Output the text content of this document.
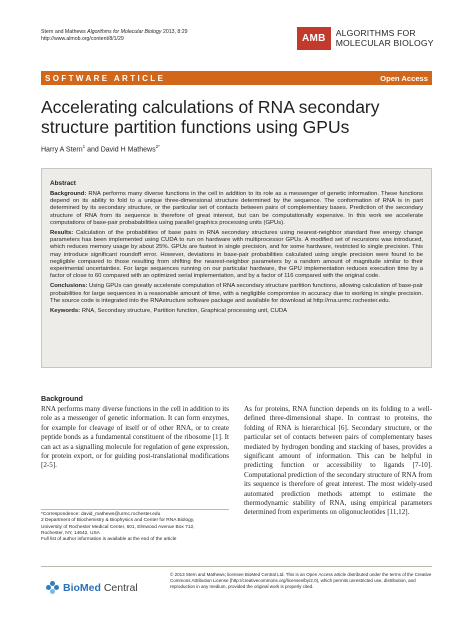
Stern and Mathews Algorithms for Molecular Biology 2013, 8:29
http://www.almob.org/content/8/1/29	AMB
ALGORITHMS FOR
MOLECULAR BIOLOGY
SOFTWARE ARTICLE	Open Access
Accelerating calculations of RNA secondary structure partition functions using GPUs
Harry A Stern$^1$ and David H Mathews$^{2*}$
Abstract

Background: RNA performs many diverse functions in the cell in addition to its role as a messenger of genetic information. These functions depend on its ability to fold to a unique three-dimensional structure determined by the sequence. The conformation of RNA is in part determined by its secondary structure, or the particular set of contacts between pairs of complementary bases. Prediction of the secondary structure of RNA from its sequence is therefore of great interest, but can be computationally expensive. In this work we accelerate computations of base-pair probababilities using parallel graphics processing units (GPUs).

Results: Calculation of the probabilities of base pairs in RNA secondary structures using nearest-neighbor standard free energy change parameters has been implemented using CUDA to run on hardware with multiprocessor GPUs. A modified set of recursions was introduced, which reduces memory usage by about 25%. GPUs are fastest in single precision, and for some hardware, restricted to single precision. This may introduce significant roundoff error. However, deviations in base-pair probabilities calculated using single precision were found to be negligible compared to those resulting from shifting the nearest-neighbor parameters by a random amount of magnitude similar to their experimental uncertainties. For large sequences running on our particular hardware, the GPU implementation reduces execution time by a factor of close to 60 compared with an optimized serial implementation, and by a factor of 116 compared with the original code.

Conclusions: Using GPUs can greatly accelerate computation of RNA secondary structure partition functions, allowing calculation of base-pair probabilities for large sequences in a reasonable amount of time, with a negligible compromise in accuracy due to working in single precision. The source code is integrated into the RNAstructure software package and available for download at http://rna.urmc.rochester.edu.

Keywords: RNA, Secondary structure, Partition function, Graphical processing unit, CUDA

Background
RNA performs many diverse functions in the cell in addition to its role as a messenger of genetic information. It can form enzymes, for example for cleavage of itself or of other RNA, or to create peptide bonds as a fundamental constituent of the ribosome [1]. It can act as a signalling molecule for regulation of gene expression, for protein export, or for guiding post-translational modifications [2-5].
As for proteins, RNA function depends on its folding to a well-defined three-dimensional shape. In contrast to proteins, the folding of RNA is hierarchical [6]. Secondary structure, or the particular set of contacts between pairs of complementary bases mediated by hydrogen bonding and stacking of bases, provides a significant amount of information. This can be helpful in predicting function or accessibility to ligands [7-10]. Computational prediction of the secondary structure of RNA from its sequence is therefore of great interest. The most widely-used automated prediction methods attempt to estimate the thermodynamic stability of RNA, using empirical parameters determined from experiments on oligonucleotides [11,12].
*Correspondence: david_mathews@urmc.rochester.edu
2 Department of Biochemistry & Biophysics and Center for RNA Biology,
University of Rochester Medical Center, 601, Elmwood Avenue Box 712,
Rochester, NY, 14642, USA
Full list of author information is available at the end of the article
BioMed Central
© 2013 Stern and Mathews; licensee BioMed Central Ltd. This is an Open Access article distributed under the terms of the Creative Commons Attribution License (http://creativecommons.org/licenses/by/2.0), which permits unrestricted use, distribution, and reproduction in any medium, provided the original work is properly cited.
